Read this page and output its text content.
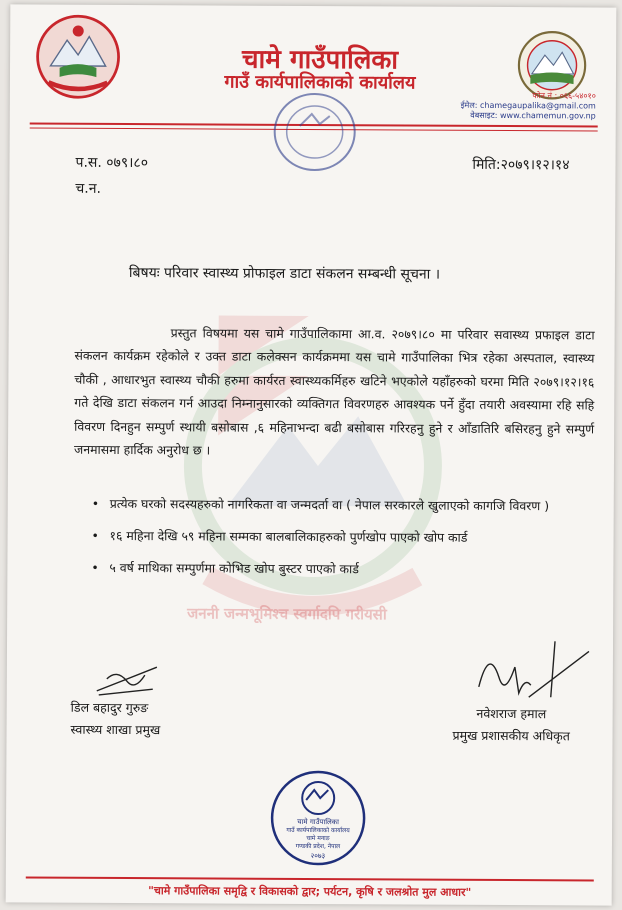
चामे गाउँपालिका
गाउँ कार्यपालिकाको कार्यालय
फोन नं : ०६६-५४०१०
ईमेल: chamegaupalika@gmail.com
वेबसाइट: www.chamemun.gov.np
प.स. ०७९।८०
च.न.
मिति:२०७९।१२।१४
बिषयः परिवार स्वास्थ्य प्रोफाइल डाटा संकलन सम्बन्धी सूचना ।
जननी जन्मभूमिश्च स्वर्गादपि गरीयसी
प्रस्तुत विषयमा यस चामे गाउँपालिकामा आ.व. २०७९।८० मा परिवार सवास्थ्य प्रफाइल डाटा संकलन कार्यक्रम रहेकोले र उक्त डाटा कलेक्सन कार्यक्रममा यस चामे गाउँपालिका भित्र रहेका अस्पताल, स्वास्थ्य चौकी , आधारभुत स्वास्थ्य चौकी हरुमा कार्यरत स्वास्थ्यकर्मिहरु खटिने भएकोले यहाँहरुको घरमा मिति २०७९।१२।१६ गते देखि डाटा संकलन गर्न आउदा निम्नानुसारको व्यक्तिगत विवरणहरु आवश्यक पर्ने हुँदा तयारी अवस्यामा रहि सहि विवरण दिनहुन सम्पुर्ण स्थायी बसोबास ,६ महिनाभन्दा बढी बसोबास गरिरहनु हुने र आँडातिरि बसिरहनु हुने सम्पुर्ण जनमासमा हार्दिक अनुरोध छ ।
• प्रत्येक घरको सदस्यहरुको नागरिकता वा जन्मदर्ता वा ( नेपाल सरकारले खुलाएको कागजि विवरण )
• १६ महिना देखि ५९ महिना सम्मका बालबालिकाहरुको पुर्णखोप पाएको खोप कार्ड
• ५ वर्ष माथिका सम्पुर्णमा कोभिड खोप बुस्टर पाएको कार्ड
डिल बहादुर गुरुङ
स्वास्थ्य शाखा प्रमुख
नवेशराज हमाल
प्रमुख प्रशासकीय अधिकृत
चामे गाउँपालिका
गाउँ कार्यपालिकाको कार्यालय
चामे मनाङ
गण्डकी प्रदेश, नेपाल
२०७३
"चामे गाउँपालिका समृद्वि र विकासको द्वार; पर्यटन, कृषि र जलश्रोत मुल आधार"
